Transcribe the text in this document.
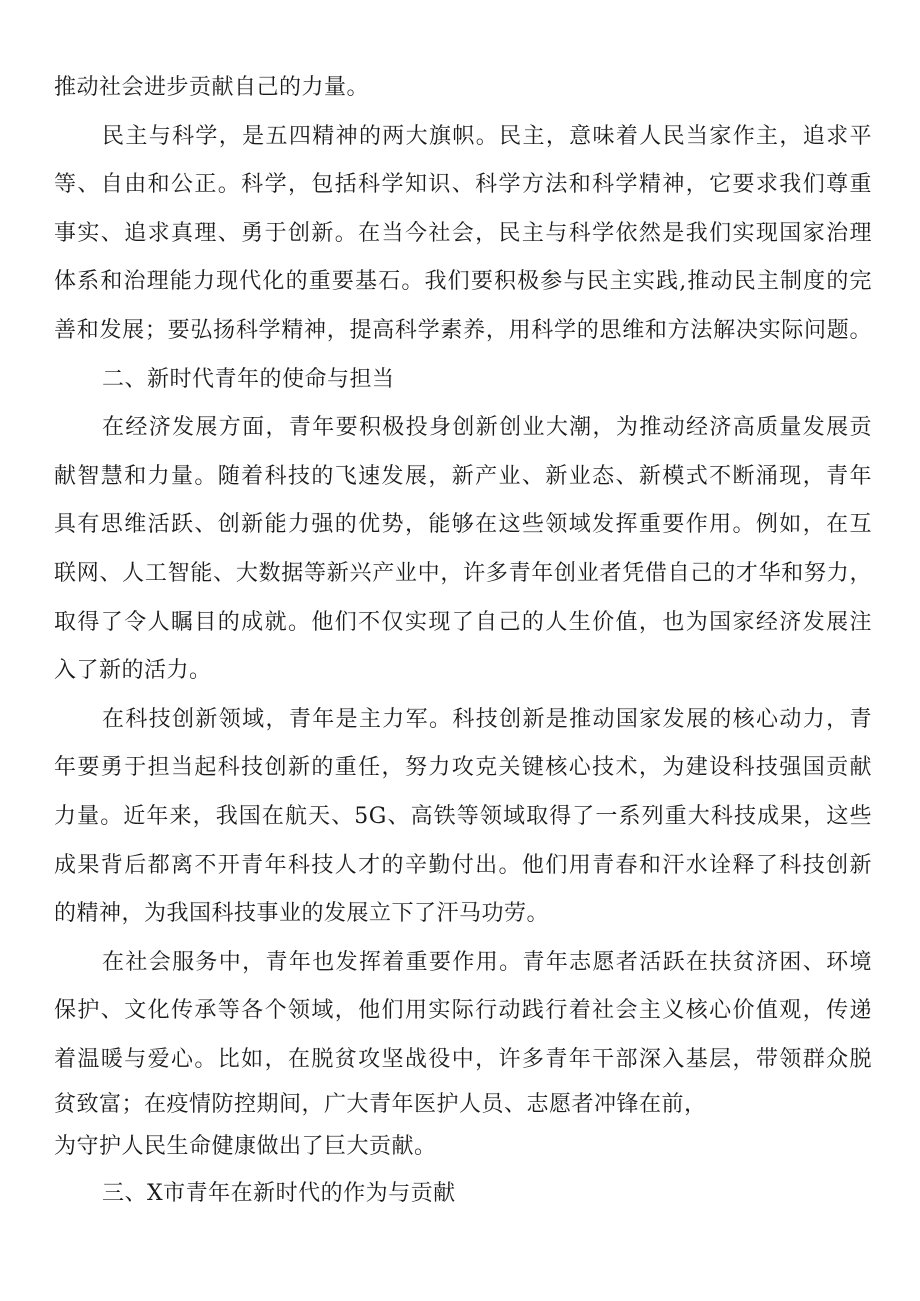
推动社会进步贡献自己的力量。
民主与科学，是五四精神的两大旗帜。民主，意味着人民当家作主，追求平
等、自由和公正。科学，包括科学知识、科学方法和科学精神，它要求我们尊重
事实、追求真理、勇于创新。在当今社会，民主与科学依然是我们实现国家治理
体系和治理能力现代化的重要基石。我们要积极参与民主实践,推动民主制度的完
善和发展；要弘扬科学精神，提高科学素养，用科学的思维和方法解决实际问题。
二、新时代青年的使命与担当
在经济发展方面，青年要积极投身创新创业大潮，为推动经济高质量发展贡
献智慧和力量。随着科技的飞速发展，新产业、新业态、新模式不断涌现，青年
具有思维活跃、创新能力强的优势，能够在这些领域发挥重要作用。例如，在互
联网、人工智能、大数据等新兴产业中，许多青年创业者凭借自己的才华和努力，
取得了令人瞩目的成就。他们不仅实现了自己的人生价值，也为国家经济发展注
入了新的活力。
在科技创新领域，青年是主力军。科技创新是推动国家发展的核心动力，青
年要勇于担当起科技创新的重任，努力攻克关键核心技术，为建设科技强国贡献
力量。近年来，我国在航天、5G、高铁等领域取得了一系列重大科技成果，这些
成果背后都离不开青年科技人才的辛勤付出。他们用青春和汗水诠释了科技创新
的精神，为我国科技事业的发展立下了汗马功劳。
在社会服务中，青年也发挥着重要作用。青年志愿者活跃在扶贫济困、环境
保护、文化传承等各个领域，他们用实际行动践行着社会主义核心价值观，传递
着温暖与爱心。比如，在脱贫攻坚战役中，许多青年干部深入基层，带领群众脱
贫致富；在疫情防控期间，广大青年医护人员、志愿者冲锋在前，
为守护人民生命健康做出了巨大贡献。
三、X市青年在新时代的作为与贡献
